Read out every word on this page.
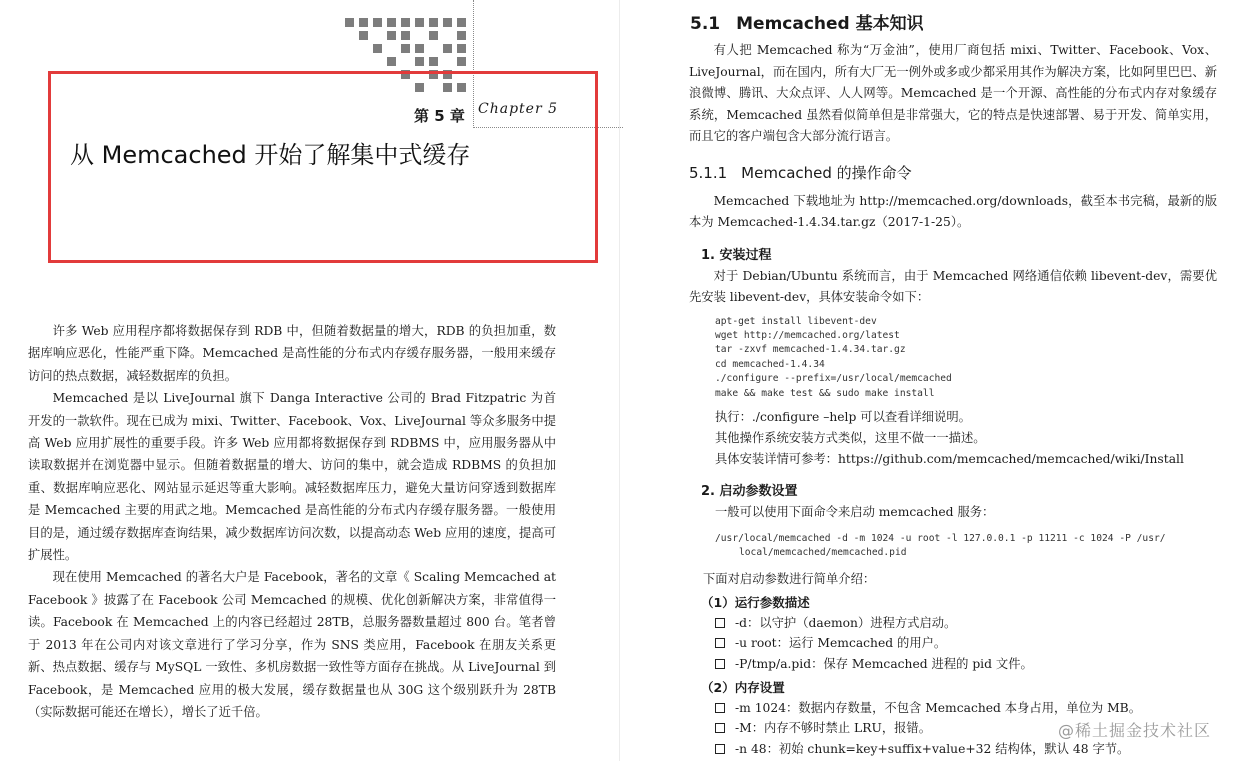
第 5 章 Chapter 5
从 Memcached 开始了解集中式缓存

许多 Web 应用程序都将数据保存到 RDB 中，但随着数据量的增大，RDB 的负担加重，数据库响应恶化，性能严重下降。Memcached 是高性能的分布式内存缓存服务器，一般用来缓存访问的热点数据，减轻数据库的负担。

Memcached 是以 LiveJournal 旗下 Danga Interactive 公司的 Brad Fitzpatric 为首开发的一款软件。现在已成为 mixi、Twitter、Facebook、Vox、LiveJournal 等众多服务中提高 Web 应用扩展性的重要手段。许多 Web 应用都将数据保存到 RDBMS 中，应用服务器从中读取数据并在浏览器中显示。但随着数据量的增大、访问的集中，就会造成 RDBMS 的负担加重、数据库响应恶化、网站显示延迟等重大影响。减轻数据库压力，避免大量访问穿透到数据库是 Memcached 主要的用武之地。Memcached 是高性能的分布式内存缓存服务器。一般使用目的是，通过缓存数据库查询结果，减少数据库访问次数，以提高动态 Web 应用的速度，提高可扩展性。

现在使用 Memcached 的著名大户是 Facebook，著名的文章《 Scaling Memcached at Facebook 》披露了在 Facebook 公司 Memcached 的规模、优化创新解决方案，非常值得一读。Facebook 在 Memcached 上的内容已经超过 28TB，总服务器数量超过 800 台。笔者曾于 2013 年在公司内对该文章进行了学习分享，作为 SNS 类应用，Facebook 在朋友关系更新、热点数据、缓存与 MySQL 一致性、多机房数据一致性等方面存在挑战。从 LiveJournal 到 Facebook，是 Memcached 应用的极大发展，缓存数据量也从 30G 这个级别跃升为 28TB（实际数据可能还在增长），增长了近千倍。

5.1 Memcached 基本知识

有人把 Memcached 称为“万金油”，使用厂商包括 mixi、Twitter、Facebook、Vox、LiveJournal，而在国内，所有大厂无一例外或多或少都采用其作为解决方案，比如阿里巴巴、新浪微博、腾讯、大众点评、人人网等。Memcached 是一个开源、高性能的分布式内存对象缓存系统，Memcached 虽然看似简单但是非常强大，它的特点是快速部署、易于开发、简单实用，而且它的客户端包含大部分流行语言。

5.1.1 Memcached 的操作命令

Memcached 下载地址为 http://memcached.org/downloads，截至本书完稿，最新的版本为 Memcached-1.4.34.tar.gz（2017-1-25）。

1. 安装过程

对于 Debian/Ubuntu 系统而言，由于 Memcached 网络通信依赖 libevent-dev，需要优先安装 libevent-dev，具体安装命令如下：

apt-get install libevent-dev
wget http://memcached.org/latest
tar -zxvf memcached-1.4.34.tar.gz
cd memcached-1.4.34
./configure --prefix=/usr/local/memcached
make && make test && sudo make install
执行：./configure –help 可以查看详细说明。
其他操作系统安装方式类似，这里不做一一描述。
具体安装详情可参考：https://github.com/memcached/memcached/wiki/Install
2. 启动参数设置
一般可以使用下面命令来启动 memcached 服务：
/usr/local/memcached -d -m 1024 -u root -l 127.0.0.1 -p 11211 -c 1024 -P /usr/
local/memcached/memcached.pid
下面对启动参数进行简单介绍：
（1）运行参数描述
-d：以守护（daemon）进程方式启动。
-u root：运行 Memcached 的用户。
-P/tmp/a.pid：保存 Memcached 进程的 pid 文件。
（2）内存设置
-m 1024：数据内存数量，不包含 Memcached 本身占用，单位为 MB。
-M：内存不够时禁止 LRU，报错。
-n 48：初始 chunk=key+suffix+value+32 结构体，默认 48 字节。
@稀土掘金技术社区
